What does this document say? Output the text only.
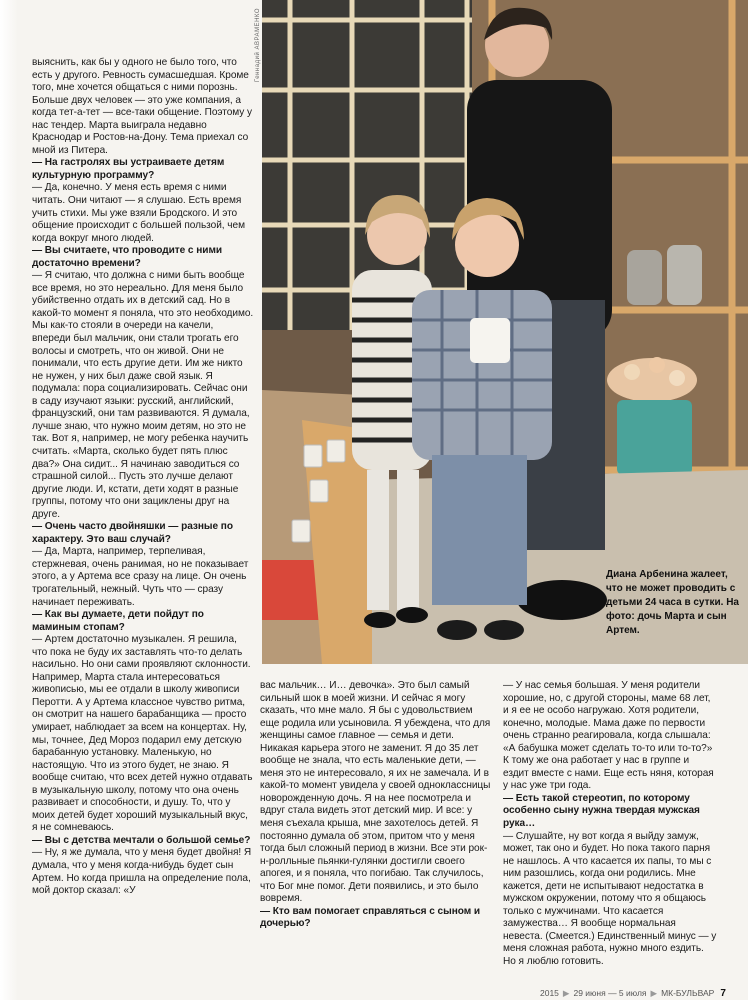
выяснить, как бы у одного не было того, что есть у другого. Ревность сумасшедшая. Кроме того, мне хочется общаться с ними порознь. Больше двух человек — это уже компания, а когда тет-а-тет — все-таки общение. Поэтому у нас тендер. Марта выиграла недавно Краснодар и Ростов-на-Дону. Тема приехал со мной из Питера.

— На гастролях вы устраиваете детям культурную программу?

— Да, конечно. У меня есть время с ними читать. Они читают — я слушаю. Есть время учить стихи. Мы уже взяли Бродского. И это общение происходит с большей пользой, чем когда вокруг много людей.

— Вы считаете, что проводите с ними достаточно времени?

— Я считаю, что должна с ними быть вообще все время, но это нереально. Для меня было убийственно отдать их в детский сад. Но в какой-то момент я поняла, что это необходимо. Мы как-то стояли в очереди на качели, впереди был мальчик, они стали трогать его волосы и смотреть, что он живой. Они не понимали, что есть другие дети. Им же никто не нужен, у них был даже свой язык. Я подумала: пора социализировать. Сейчас они в саду изучают языки: русский, английский, французский, они там развиваются. Я думала, лучше знаю, что нужно моим детям, но это не так. Вот я, например, не могу ребенка научить считать. «Марта, сколько будет пять плюс два?» Она сидит... Я начинаю заводиться со страшной силой... Пусть это лучше делают другие люди. И, кстати, дети ходят в разные группы, потому что они зациклены друг на друге.

— Очень часто двойняшки — разные по характеру. Это ваш случай?

— Да, Марта, например, терпеливая, стержневая, очень ранимая, но не показывает этого, а у Артема все сразу на лице. Он очень трогательный, нежный. Чуть что — сразу начинает переживать.

— Как вы думаете, дети пойдут по маминым стопам?

— Артем достаточно музыкален. Я решила, что пока не буду их заставлять что-то делать насильно. Но они сами проявляют склонности. Например, Марта стала интересоваться живописью, мы ее отдали в школу живописи Перотти. А у Артема классное чувство ритма, он смотрит на нашего барабанщика — просто умирает, наблюдает за всем на концертах. Ну, мы, точнее, Дед Мороз подарил ему детскую барабанную установку. Маленькую, но настоящую. Что из этого будет, не знаю. Я вообще считаю, что всех детей нужно отдавать в музыкальную школу, потому что она очень развивает и способности, и душу. То, что у моих детей будет хороший музыкальный вкус, я не сомневаюсь.

— Вы с детства мечтали о большой семье?

— Ну, я же думала, что у меня будет двойня! Я думала, что у меня когда-нибудь будет сын Артем. Но когда пришла на определение пола, мой доктор сказал: «У

Геннадий АВРАМЕНКО
Диана Арбенина жалеет, что не может проводить с детьми 24 часа в сутки. На фото: дочь Марта и сын Артем.

вас мальчик… И… девочка». Это был самый сильный шок в моей жизни. И сейчас я могу сказать, что мне мало. Я бы с удовольствием еще родила или усыновила. Я убеждена, что для женщины самое главное — семья и дети. Никакая карьера этого не заменит. Я до 35 лет вообще не знала, что есть маленькие дети, — меня это не интересовало, я их не замечала. И в какой-то момент увидела у своей одноклассницы новорожденную дочь. Я на нее посмотрела и вдруг стала видеть этот детский мир. И все: у меня съехала крыша, мне захотелось детей. Я постоянно думала об этом, притом что у меня тогда был сложный период в жизни. Все эти рок-н-ролльные пьянки-гулянки достигли своего апогея, и я поняла, что погибаю. Так случилось, что Бог мне помог. Дети появились, и это было вовремя.

— Кто вам помогает справляться с сыном и дочерью?

— У нас семья большая. У меня родители хорошие, но, с другой стороны, маме 68 лет, и я ее не особо нагружаю. Хотя родители, конечно, молодые. Мама даже по первости очень странно реагировала, когда слышала: «А бабушка может сделать то-то или то-то?» К тому же она работает у нас в группе и ездит вместе с нами. Еще есть няня, которая у нас уже три года.

— Есть такой стереотип, по которому особенно сыну нужна твердая мужская рука…

— Слушайте, ну вот когда я выйду замуж, может, так оно и будет. Но пока такого парня не нашлось. А что касается их папы, то мы с ним разошлись, когда они родились. Мне кажется, дети не испытывают недостатка в мужском окружении, потому что я общаюсь только с мужчинами. Что касается замужества… Я вообще нормальная невеста. (Смеется.) Единственный минус — у меня сложная работа, нужно много ездить. Но я люблю готовить.

2015 ▶ 29 июня — 5 июля ▶ МК-БУЛЬВАР 7
